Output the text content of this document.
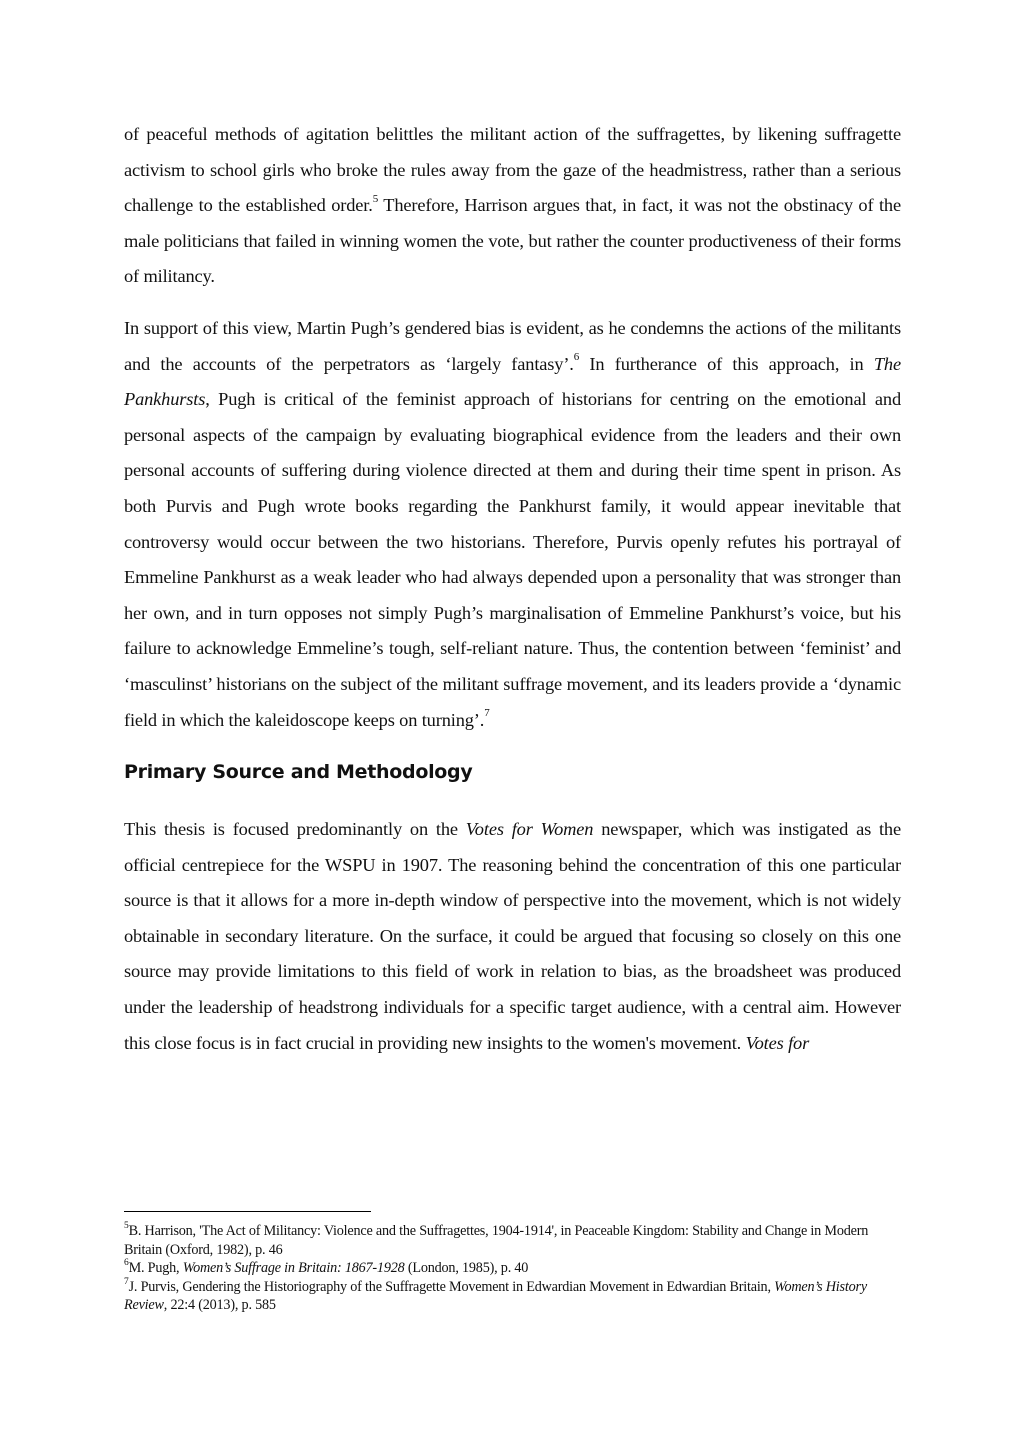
of peaceful methods of agitation belittles the militant action of the suffragettes, by likening suffragette activism to school girls who broke the rules away from the gaze of the headmistress, rather than a serious challenge to the established order.$^5$ Therefore, Harrison argues that, in fact, it was not the obstinacy of the male politicians that failed in winning women the vote, but rather the counter productiveness of their forms of militancy.

In support of this view, Martin Pugh’s gendered bias is evident, as he condemns the actions of the militants and the accounts of the perpetrators as ‘largely fantasy’.$^6$ In furtherance of this approach, in The Pankhursts, Pugh is critical of the feminist approach of historians for centring on the emotional and personal aspects of the campaign by evaluating biographical evidence from the leaders and their own personal accounts of suffering during violence directed at them and during their time spent in prison. As both Purvis and Pugh wrote books regarding the Pankhurst family, it would appear inevitable that controversy would occur between the two historians. Therefore, Purvis openly refutes his portrayal of Emmeline Pankhurst as a weak leader who had always depended upon a personality that was stronger than her own, and in turn opposes not simply Pugh’s marginalisation of Emmeline Pankhurst’s voice, but his failure to acknowledge Emmeline’s tough, self-reliant nature. Thus, the contention between ‘feminist’ and ‘masculinst’ historians on the subject of the militant suffrage movement, and its leaders provide a ‘dynamic field in which the kaleidoscope keeps on turning’.$^7$

Primary Source and Methodology

This thesis is focused predominantly on the Votes for Women newspaper, which was instigated as the official centrepiece for the WSPU in 1907. The reasoning behind the concentration of this one particular source is that it allows for a more in-depth window of perspective into the movement, which is not widely obtainable in secondary literature. On the surface, it could be argued that focusing so closely on this one source may provide limitations to this field of work in relation to bias, as the broadsheet was produced under the leadership of headstrong individuals for a specific target audience, with a central aim. However this close focus is in fact crucial in providing new insights to the women's movement. Votes for

$^5$B. Harrison, 'The Act of Militancy: Violence and the Suffragettes, 1904-1914', in Peaceable Kingdom: Stability and Change in Modern Britain (Oxford, 1982), p. 46

$^6$M. Pugh, Women’s Suffrage in Britain: 1867-1928 (London, 1985), p. 40

$^7$J. Purvis, Gendering the Historiography of the Suffragette Movement in Edwardian Movement in Edwardian Britain, Women’s History Review, 22:4 (2013), p. 585
